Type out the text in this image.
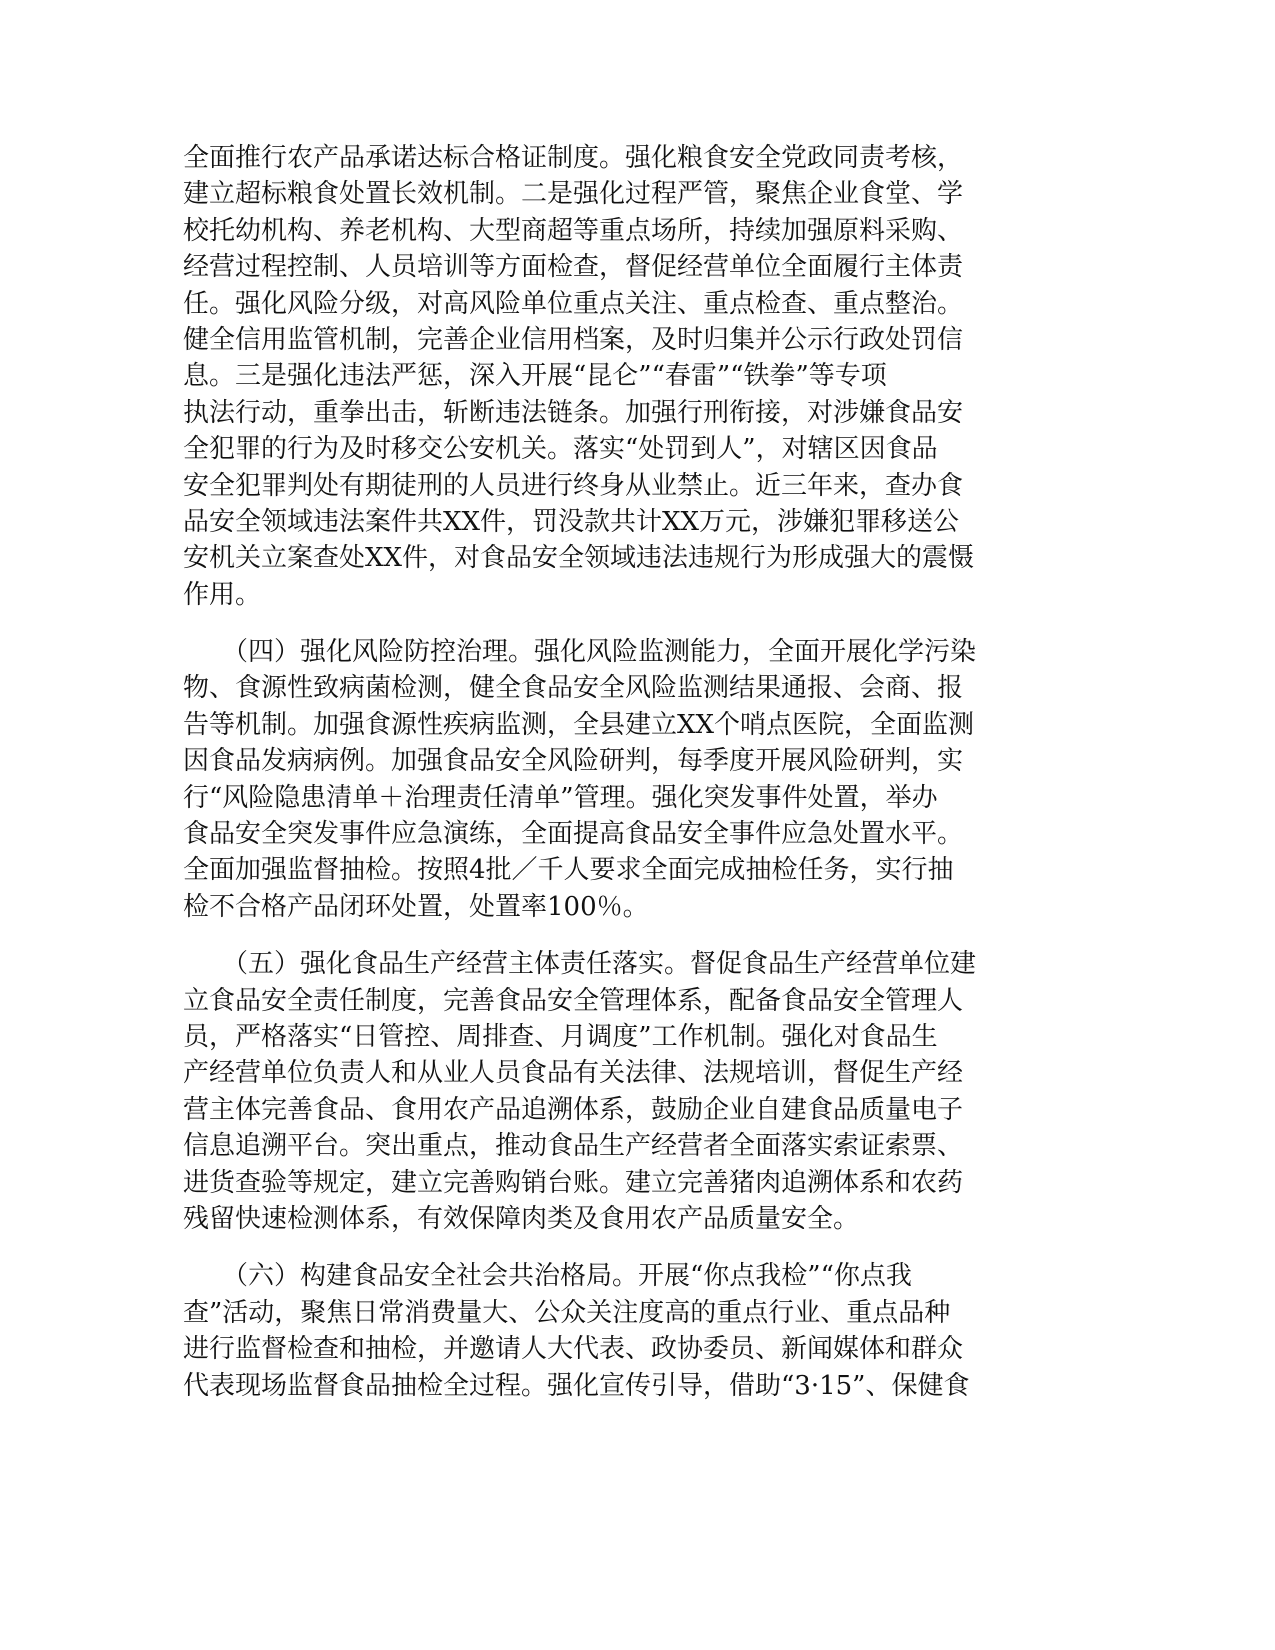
全面推行农产品承诺达标合格证制度。强化粮食安全党政同责考核，
建立超标粮食处置长效机制。二是强化过程严管，聚焦企业食堂、学
校托幼机构、养老机构、大型商超等重点场所，持续加强原料采购、
经营过程控制、人员培训等方面检查，督促经营单位全面履行主体责
任。强化风险分级，对高风险单位重点关注、重点检查、重点整治。
健全信用监管机制，完善企业信用档案，及时归集并公示行政处罚信
息。三是强化违法严惩，深入开展“昆仑”“春雷”“铁拳”等专项
执法行动，重拳出击，斩断违法链条。加强行刑衔接，对涉嫌食品安
全犯罪的行为及时移交公安机关。落实“处罚到人”，对辖区因食品
安全犯罪判处有期徒刑的人员进行终身从业禁止。近三年来，查办食
品安全领域违法案件共XX件，罚没款共计XX万元，涉嫌犯罪移送公
安机关立案查处XX件，对食品安全领域违法违规行为形成强大的震慑
作用。
　　（四）强化风险防控治理。强化风险监测能力，全面开展化学污染
物、食源性致病菌检测，健全食品安全风险监测结果通报、会商、报
告等机制。加强食源性疾病监测，全县建立XX个哨点医院，全面监测
因食品发病病例。加强食品安全风险研判，每季度开展风险研判，实
行“风险隐患清单＋治理责任清单”管理。强化突发事件处置，举办
食品安全突发事件应急演练，全面提高食品安全事件应急处置水平。
全面加强监督抽检。按照4批／千人要求全面完成抽检任务，实行抽
检不合格产品闭环处置，处置率100％。
　　（五）强化食品生产经营主体责任落实。督促食品生产经营单位建
立食品安全责任制度，完善食品安全管理体系，配备食品安全管理人
员，严格落实“日管控、周排查、月调度”工作机制。强化对食品生
产经营单位负责人和从业人员食品有关法律、法规培训，督促生产经
营主体完善食品、食用农产品追溯体系，鼓励企业自建食品质量电子
信息追溯平台。突出重点，推动食品生产经营者全面落实索证索票、
进货查验等规定，建立完善购销台账。建立完善猪肉追溯体系和农药
残留快速检测体系，有效保障肉类及食用农产品质量安全。
　　（六）构建食品安全社会共治格局。开展“你点我检”“你点我
查”活动，聚焦日常消费量大、公众关注度高的重点行业、重点品种
进行监督检查和抽检，并邀请人大代表、政协委员、新闻媒体和群众
代表现场监督食品抽检全过程。强化宣传引导，借助“3·15”、保健食
